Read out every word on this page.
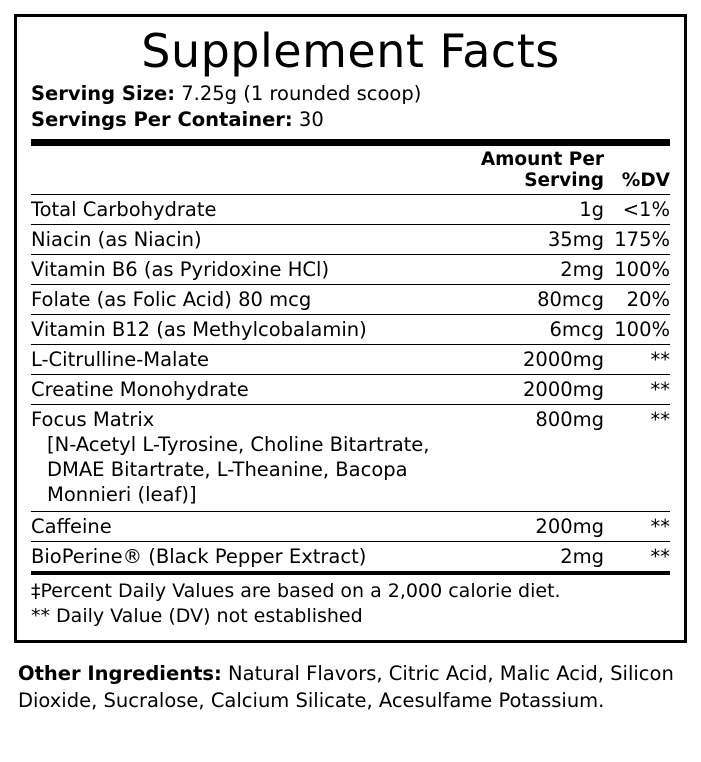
Supplement Facts
Serving Size: 7.25g (1 rounded scoop)
Servings Per Container: 30
	Amount Per Serving	%DV
Total Carbohydrate	1g	<1%
Niacin (as Niacin)	35mg	175%
Vitamin B6 (as Pyridoxine HCl)	2mg	100%
Folate (as Folic Acid) 80 mcg	80mcg	20%
Vitamin B12 (as Methylcobalamin)	6mcg	100%
L-Citrulline-Malate	2000mg	**
Creatine Monohydrate	2000mg	**
Focus Matrix
[N-Acetyl L-Tyrosine, Choline Bitartrate, DMAE Bitartrate, L-Theanine, Bacopa Monnieri (leaf)]	800mg	**
Caffeine	200mg	**
BioPerine® (Black Pepper Extract)	2mg	**
‡Percent Daily Values are based on a 2,000 calorie diet.
** Daily Value (DV) not established
Other Ingredients: Natural Flavors, Citric Acid, Malic Acid, Silicon Dioxide, Sucralose, Calcium Silicate, Acesulfame Potassium.
